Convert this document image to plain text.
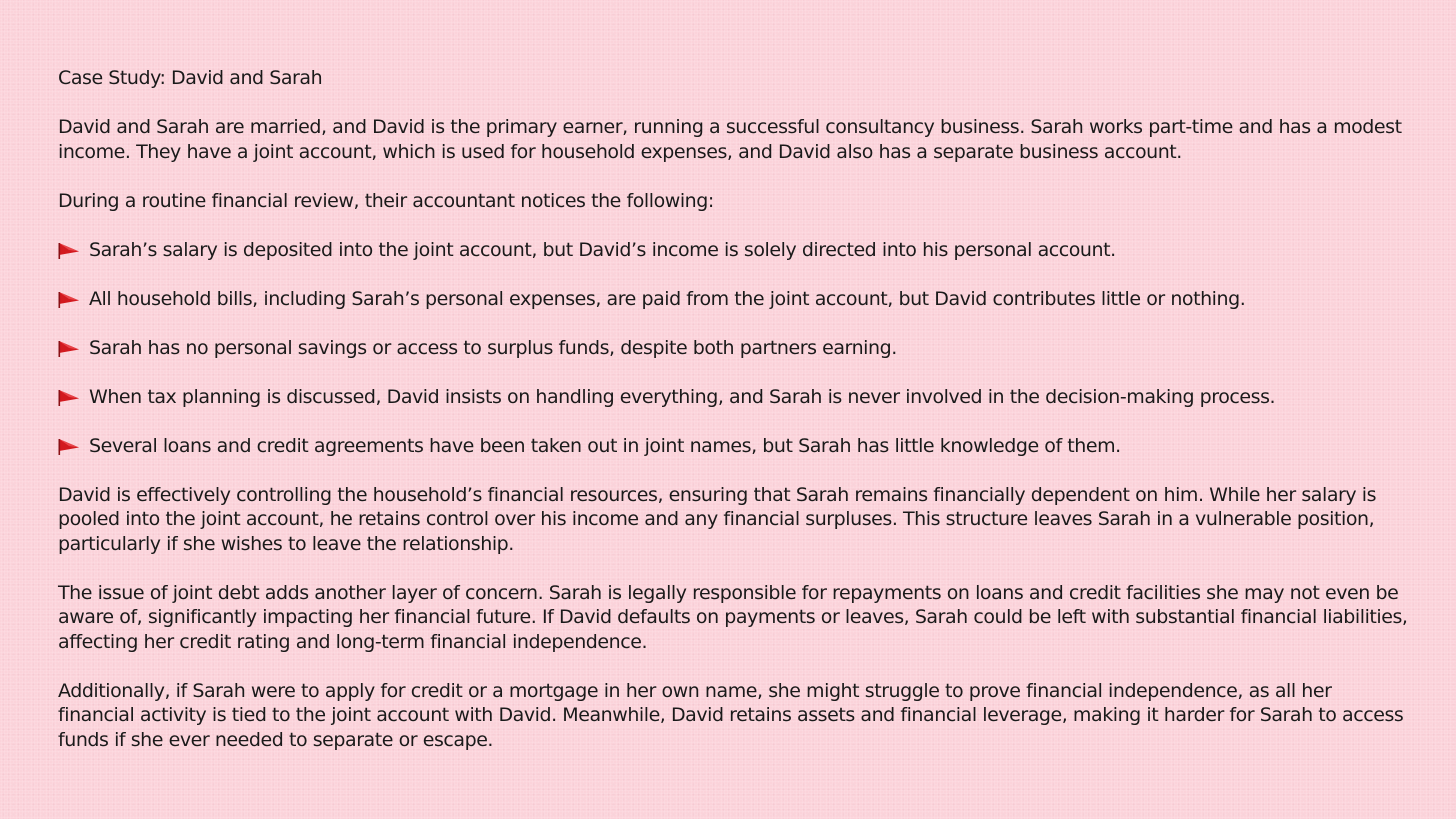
Case Study: David and Sarah

David and Sarah are married, and David is the primary earner, running a successful consultancy business. Sarah works part-time and has a modest income. They have a joint account, which is used for household expenses, and David also has a separate business account.

During a routine financial review, their accountant notices the following:

Sarah’s salary is deposited into the joint account, but David’s income is solely directed into his personal account.
All household bills, including Sarah’s personal expenses, are paid from the joint account, but David contributes little or nothing.
Sarah has no personal savings or access to surplus funds, despite both partners earning.
When tax planning is discussed, David insists on handling everything, and Sarah is never involved in the decision-making process.
Several loans and credit agreements have been taken out in joint names, but Sarah has little knowledge of them.

David is effectively controlling the household’s financial resources, ensuring that Sarah remains financially dependent on him. While her salary is pooled into the joint account, he retains control over his income and any financial surpluses. This structure leaves Sarah in a vulnerable position, particularly if she wishes to leave the relationship.

The issue of joint debt adds another layer of concern. Sarah is legally responsible for repayments on loans and credit facilities she may not even be aware of, significantly impacting her financial future. If David defaults on payments or leaves, Sarah could be left with substantial financial liabilities, affecting her credit rating and long-term financial independence.

Additionally, if Sarah were to apply for credit or a mortgage in her own name, she might struggle to prove financial independence, as all her financial activity is tied to the joint account with David. Meanwhile, David retains assets and financial leverage, making it harder for Sarah to access funds if she ever needed to separate or escape.
